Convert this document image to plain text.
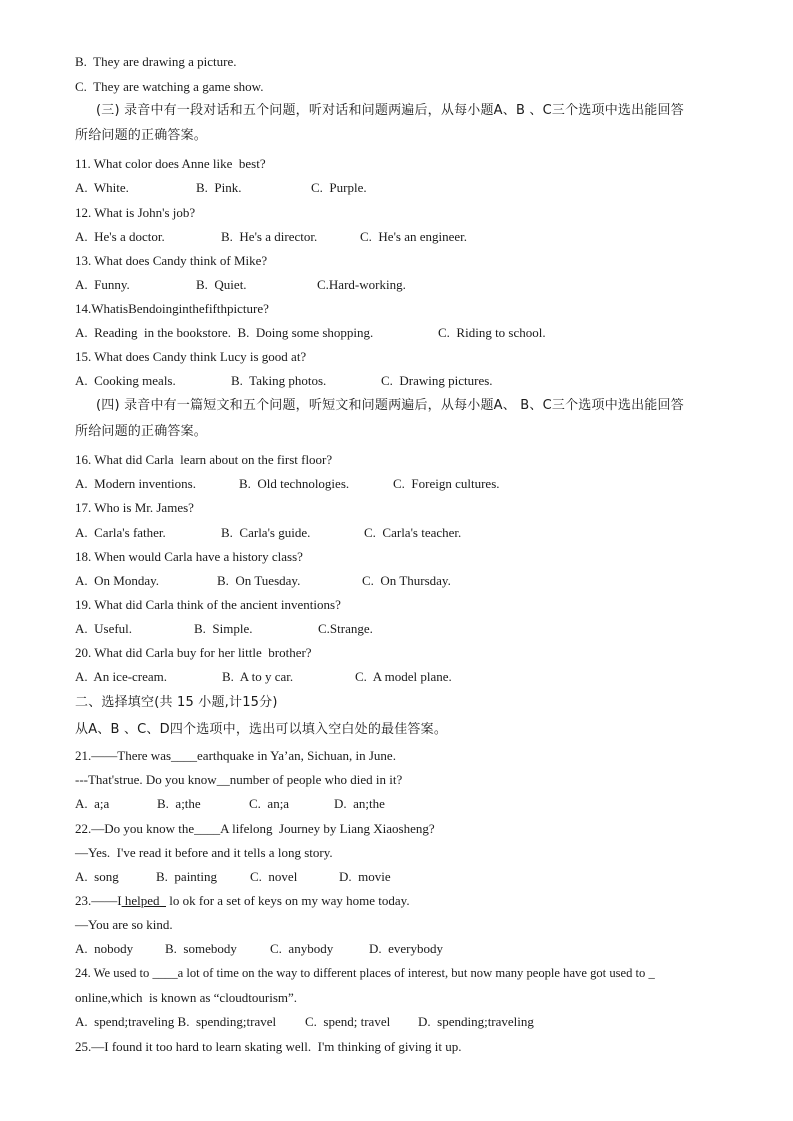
B.  They are drawing a picture.
C.  They are watching a game show.
(三) 录音中有一段对话和五个问题，听对话和问题两遍后，从每小题A、B 、C三个选项中选出能回答
所给问题的正确答案。
11. What color does Anne like  best?
A.  White.	B.  Pink.	C.  Purple.
12. What is John's job?
A.  He's a doctor.	B.  He's a director.	C.  He's an engineer.
13. What does Candy think of Mike?
A.  Funny.	B.  Quiet.	C.Hard-working.
14.WhatisBendoinginthefifthpicture?
A.  Reading  in the bookstore.  B.  Doing some shopping.	C.  Riding to school.
15. What does Candy think Lucy is good at?
A.  Cooking meals.	B.  Taking photos.	C.  Drawing pictures.
(四) 录音中有一篇短文和五个问题，听短文和问题两遍后，从每小题A、 B、C三个选项中选出能回答
所给问题的正确答案。
16. What did Carla  learn about on the first floor?
A.  Modern inventions.	B.  Old technologies.	C.  Foreign cultures.
17. Who is Mr. James?
A.  Carla's father.	B.  Carla's guide.	C.  Carla's teacher.
18. When would Carla have a history class?
A.  On Monday.	B.  On Tuesday.	C.  On Thursday.
19. What did Carla think of the ancient inventions?
A.  Useful.	B.  Simple.	C.Strange.
20. What did Carla buy for her little  brother?
A.  An ice-cream.	B.  A to y car.	C.  A model plane.
二、选择填空(共 15 小题,计15分)
从A、B 、C、D四个选项中，选出可以填入空白处的最佳答案。
21.——There was____earthquake in Ya’an, Sichuan, in June.
---That'strue. Do you know__number of people who died in it?
A.  a;a	B.  a;the	C.  an;a	D.  an;the
22.—Do you know the____A lifelong  Journey by Liang Xiaosheng?
—Yes.  I've read it before and it tells a long story.
A.  song	B.  painting	C.  novel	D.  movie
23.——I helped   lo ok for a set of keys on my way home today.
—You are so kind.
A.  nobody B.  somebody	C.  anybody	D.  everybody
24. We used to ____a lot of time on the way to different places of interest, but now many people have got used to _
online,which  is known as “cloudtourism”.
A.  spend;traveling B.  spending;travel C.  spend; travel D.  spending;traveling
25.—I found it too hard to learn skating well.  I'm thinking of giving it up.
